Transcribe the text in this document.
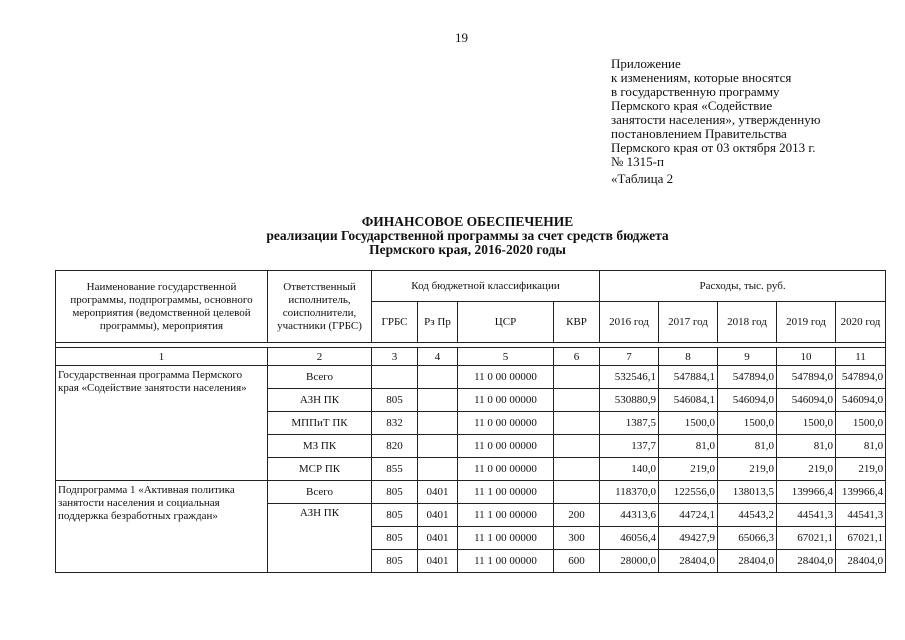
19
Приложение
к изменениям, которые вносятся
в государственную программу
Пермского края «Содействие
занятости населения», утвержденную
постановлением Правительства
Пермского края от 03 октября 2013 г.
№ 1315-п
«Таблица 2
ФИНАНСОВОЕ ОБЕСПЕЧЕНИЕ
реализации Государственной программы за счет средств бюджета
Пермского края, 2016-2020 годы
Наименование государственной программы, подпрограммы, основного мероприятия (ведомственной целевой программы), мероприятия	Ответственный исполнитель, соисполнители, участники (ГРБС)	Код бюджетной классификации				Расходы, тыс. руб.				
		ГРБС	Рз Пр	ЦСР	КВР	2016 год	2017 год	2018 год	2019 год	2020 год

1	2	3	4	5	6	7	8	9	10	11
Государственная программа Пермского края «Содействие занятости населения»	Всего			11 0 00 00000		532546,1	547884,1	547894,0	547894,0	547894,0
	АЗН ПК	805		11 0 00 00000		530880,9	546084,1	546094,0	546094,0	546094,0
	МППиТ ПК	832		11 0 00 00000		1387,5	1500,0	1500,0	1500,0	1500,0
	МЗ ПК	820		11 0 00 00000		137,7	81,0	81,0	81,0	81,0
	МСР ПК	855		11 0 00 00000		140,0	219,0	219,0	219,0	219,0
Подпрограмма 1 «Активная политика занятости населения и социальная поддержка безработных граждан»	Всего	805	0401	11 1 00 00000		118370,0	122556,0	138013,5	139966,4	139966,4
	АЗН ПК	805	0401	11 1 00 00000	200	44313,6	44724,1	44543,2	44541,3	44541,3
		805	0401	11 1 00 00000	300	46056,4	49427,9	65066,3	67021,1	67021,1
		805	0401	11 1 00 00000	600	28000,0	28404,0	28404,0	28404,0	28404,0
